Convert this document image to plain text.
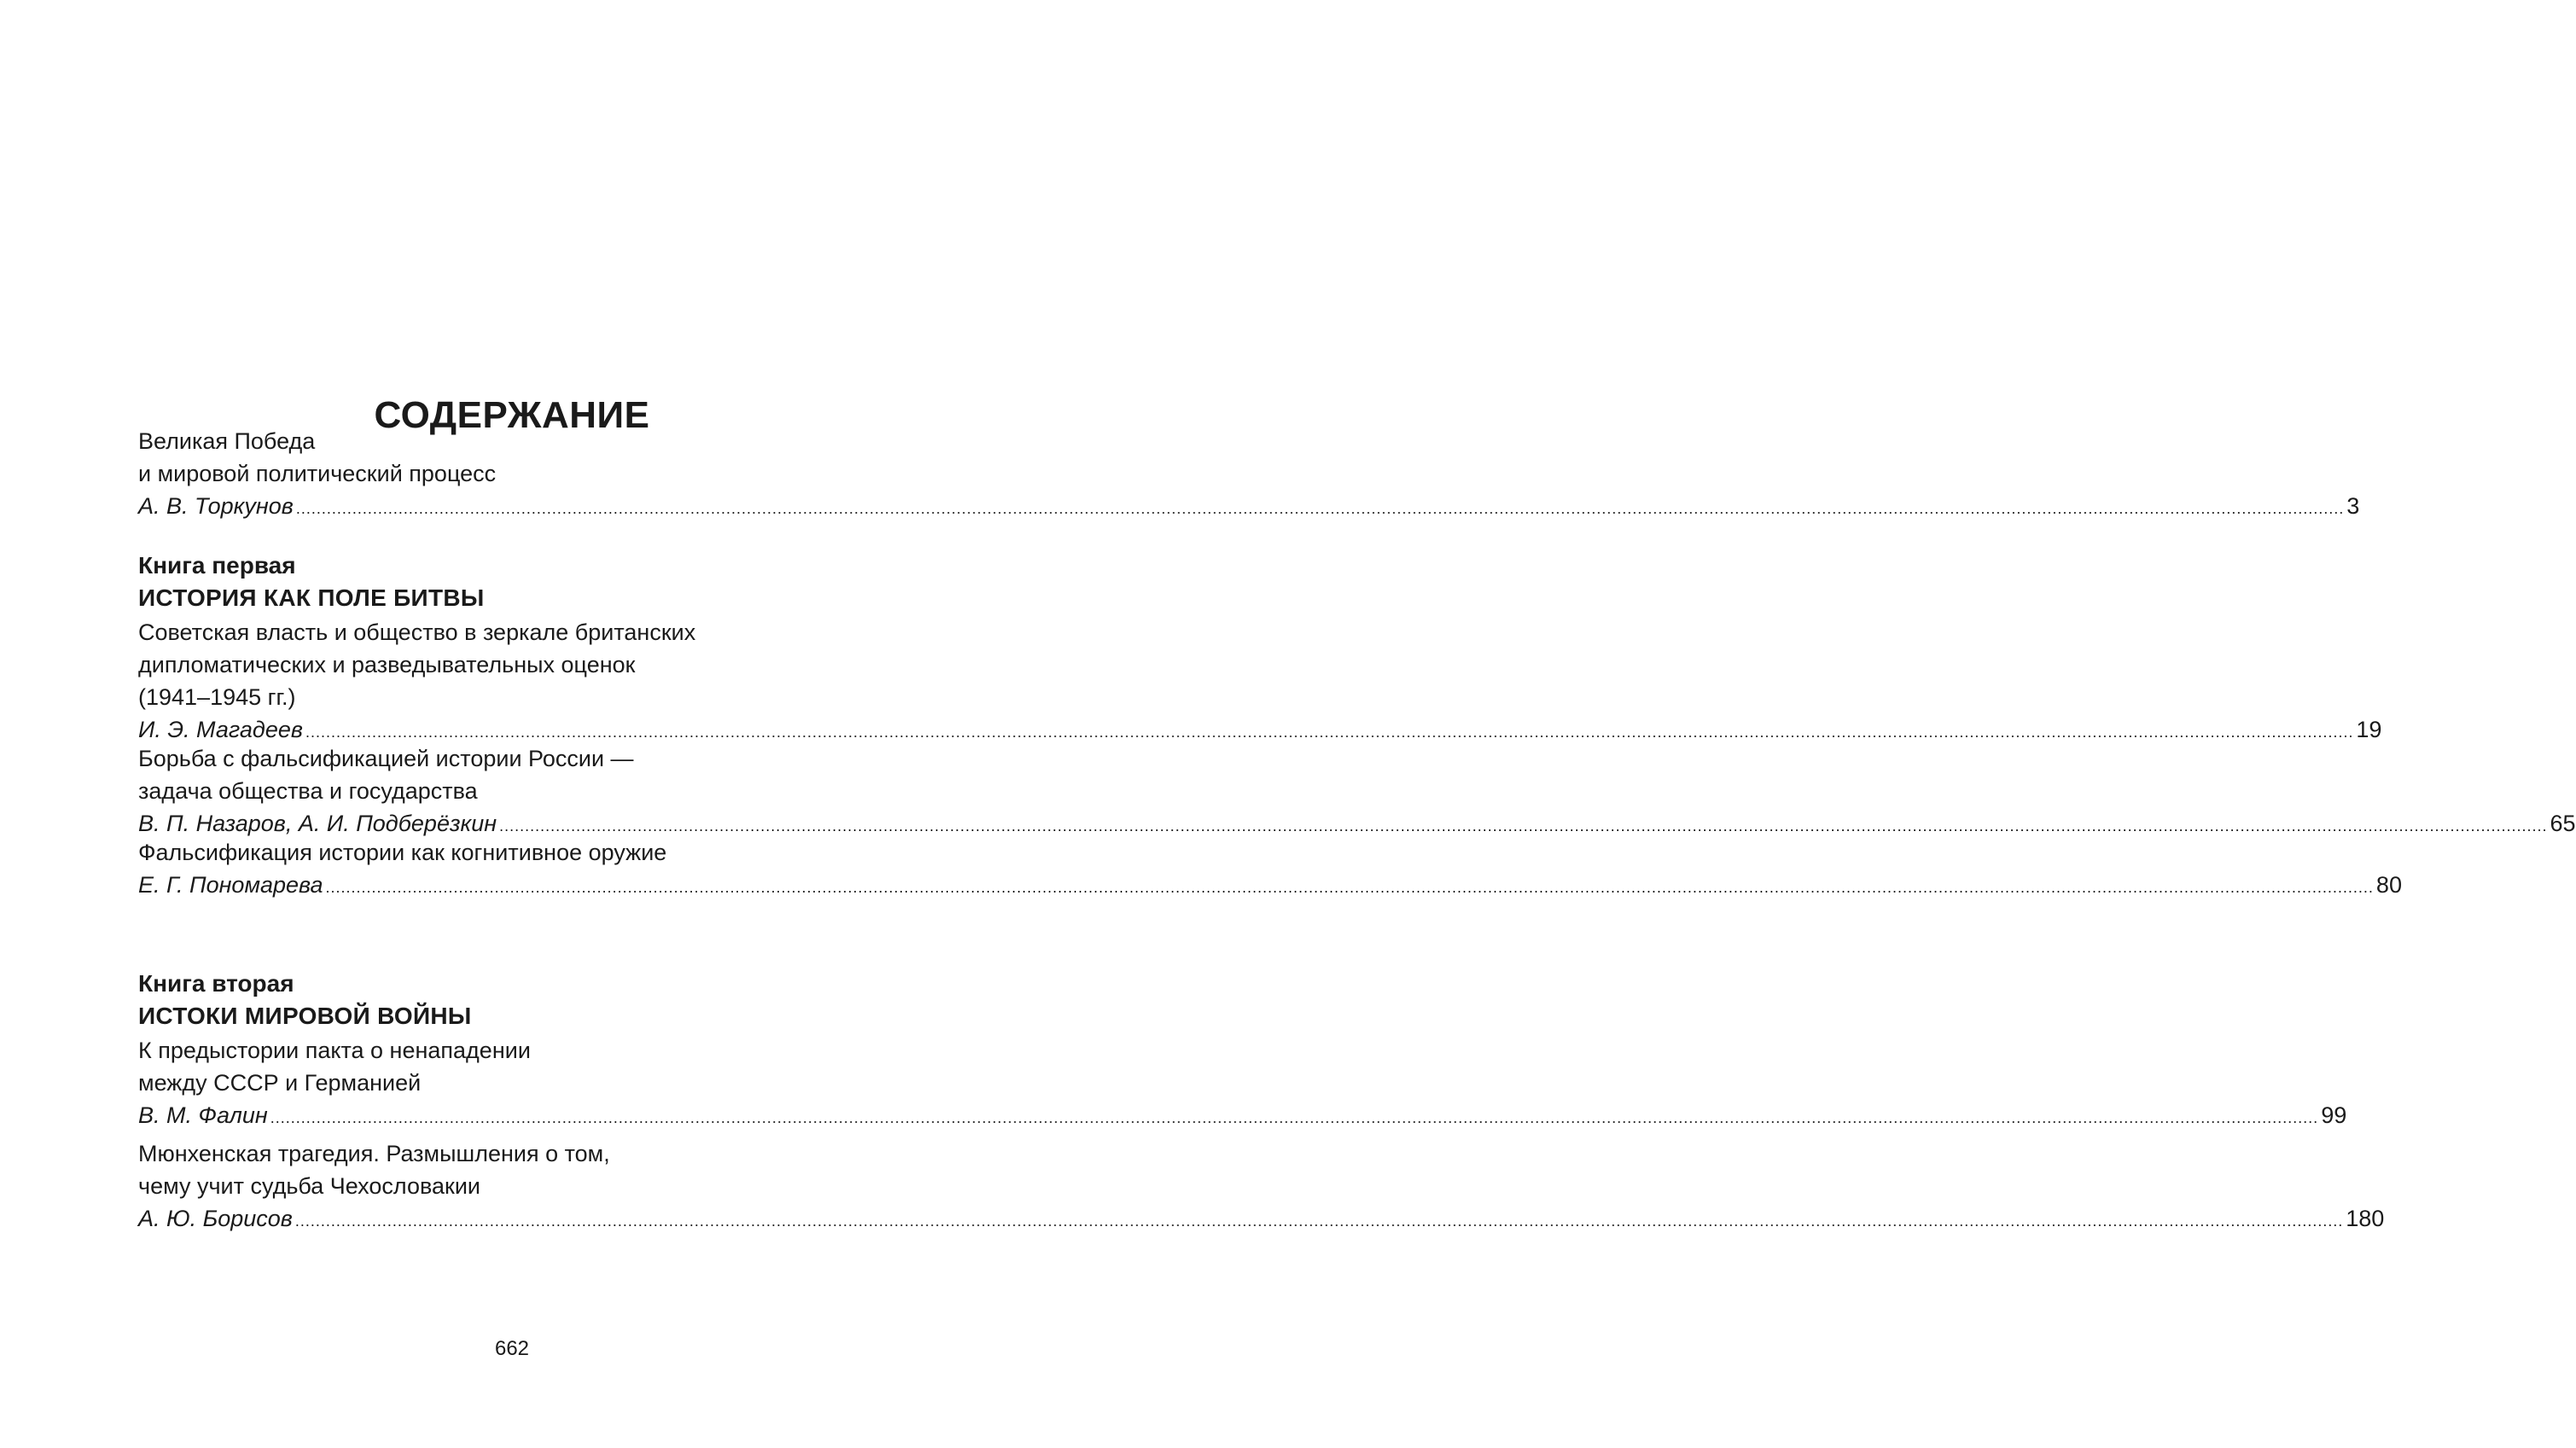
СОДЕРЖАНИЕ
Великая Победа
и мировой политический процесс
А. В. Торкунов ................................................................................................................................................................................................................................................................................................................................................................................................................ 3
Книга первая
ИСТОРИЯ КАК ПОЛЕ БИТВЫ
Советская власть и общество в зеркале британских
дипломатических и разведывательных оценок
(1941–1945 гг.)
И. Э. Магадеев ................................................................................................................................................................................................................................................................................................................................................................................................................ 19
Борьба с фальсификацией истории России —
задача общества и государства
В. П. Назаров, А. И. Подберёзкин ................................................................................................................................................................................................................................................................................................................................................................................................................ 65
Фальсификация истории как когнитивное оружие
Е. Г. Пономарева ................................................................................................................................................................................................................................................................................................................................................................................................................ 80
Книга вторая
ИСТОКИ МИРОВОЙ ВОЙНЫ
К предыстории пакта о ненападении
между СССР и Германией
В. М. Фалин ................................................................................................................................................................................................................................................................................................................................................................................................................ 99
Мюнхенская трагедия. Размышления о том,
чему учит судьба Чехословакии
А. Ю. Борисов ................................................................................................................................................................................................................................................................................................................................................................................................................ 180
662
